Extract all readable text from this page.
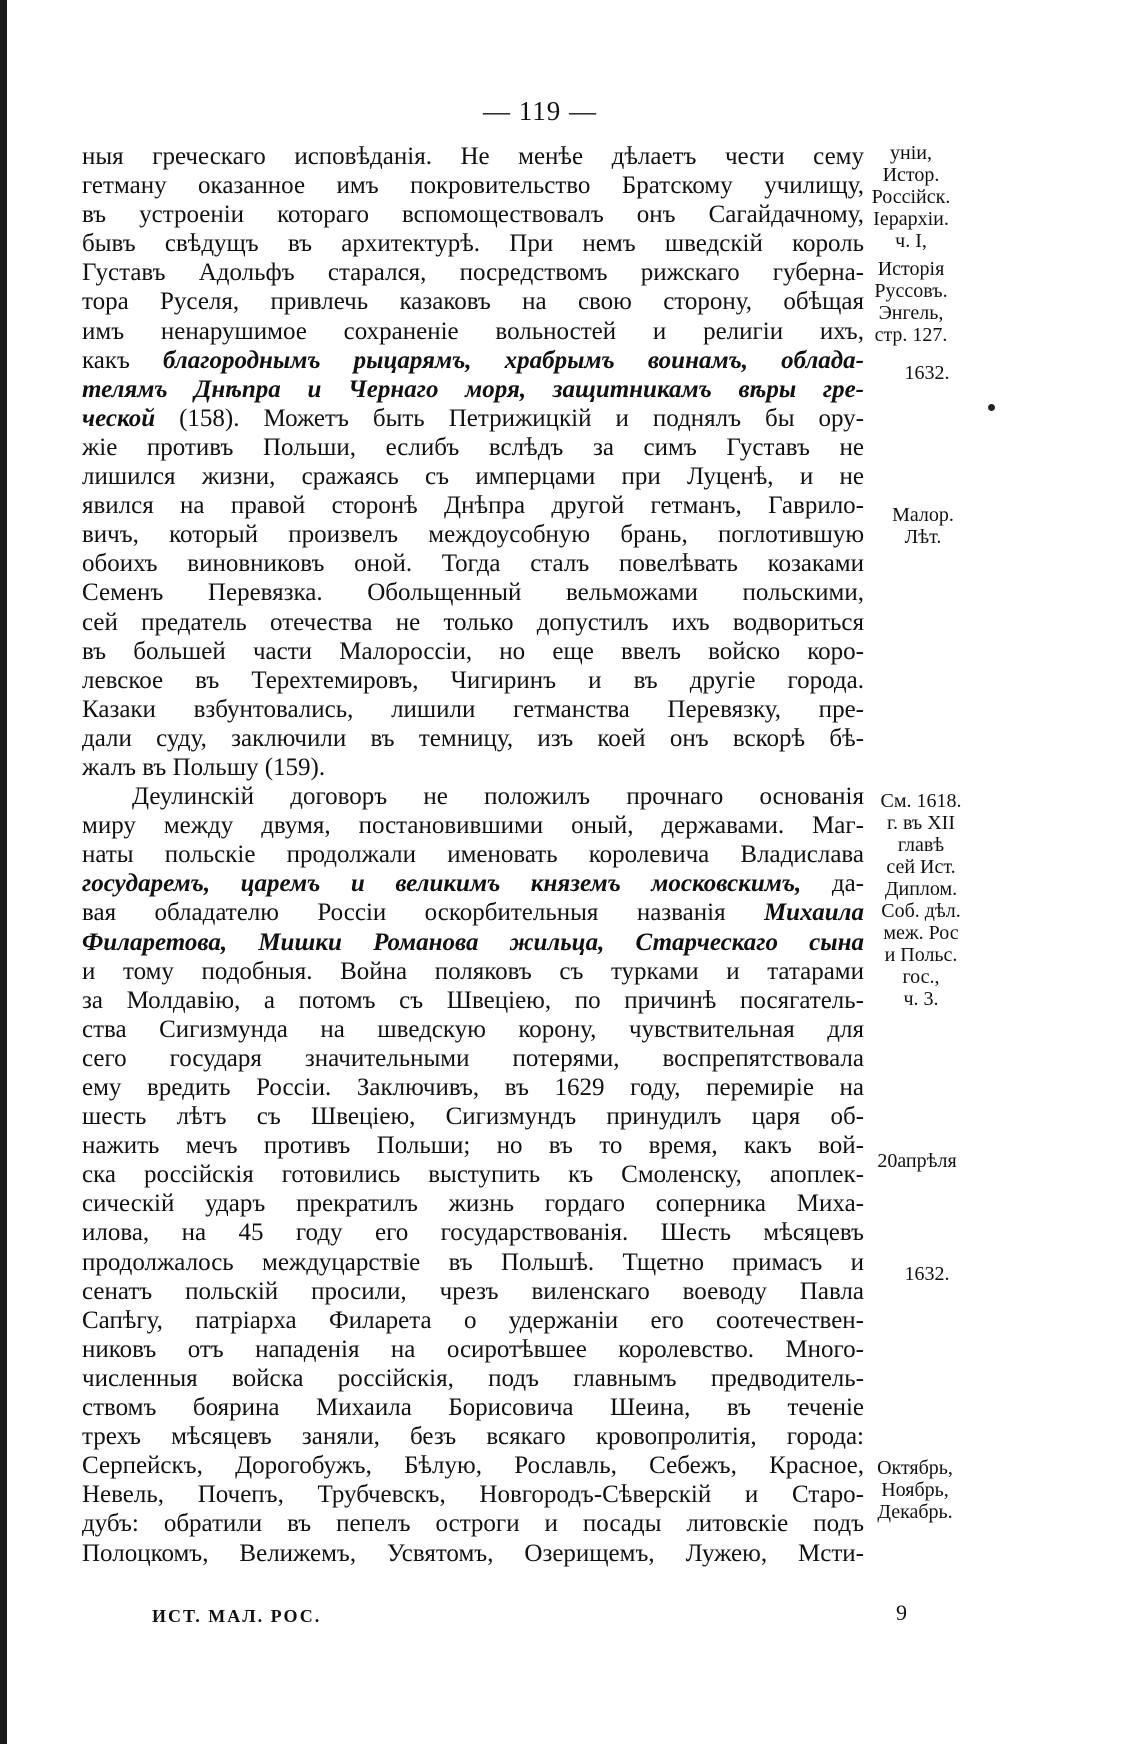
— 119 —
ныя греческаго исповѣданія. Не менѣе дѣлаетъ чести сему
гетману оказанное имъ покровительство Братскому училищу,
въ устроеніи котораго вспомоществовалъ онъ Сагайдачному,
бывъ свѣдущъ въ архитектурѣ. При немъ шведскій король
Густавъ Адольфъ старался, посредствомъ рижскаго губерна-
тора Руселя, привлечь казаковъ на свою сторону, обѣщая
имъ ненарушимое сохраненіе вольностей и религіи ихъ,
какъ благороднымъ рыцарямъ, храбрымъ воинамъ, облада-
телямъ Днѣпра и Чернаго моря, защитникамъ вѣры гре-
ческой (158). Можетъ быть Петрижицкій и поднялъ бы ору-
жіе противъ Польши, еслибъ вслѣдъ за симъ Густавъ не
лишился жизни, сражаясь съ имперцами при Луценѣ, и не
явился на правой сторонѣ Днѣпра другой гетманъ, Гаврило-
вичъ, который произвелъ междоусобную брань, поглотившую
обоихъ виновниковъ оной. Тогда сталъ повелѣвать козаками
Семенъ Перевязка. Обольщенный вельможами польскими,
сей предатель отечества не только допустилъ ихъ водвориться
въ большей части Малороссіи, но еще ввелъ войско коро-
левское въ Терехтемировъ, Чигиринъ и въ другіе города.
Казаки взбунтовались, лишили гетманства Перевязку, пре-
дали суду, заключили въ темницу, изъ коей онъ вскорѣ бѣ-
жалъ въ Польшу (159).
Деулинскій договоръ не положилъ прочнаго основанія
миру между двумя, постановившими оный, державами. Маг-
наты польскіе продолжали именовать королевича Владислава
государемъ, царемъ и великимъ княземъ московскимъ, да-
вая обладателю Россіи оскорбительныя названія Михаила
Филаретова, Мишки Романова жильца, Старческаго сына
и тому подобныя. Война поляковъ съ турками и татарами
за Молдавію, а потомъ съ Швеціею, по причинѣ посягатель-
ства Сигизмунда на шведскую корону, чувствительная для
сего государя значительными потерями, воспрепятствовала
ему вредить Россіи. Заключивъ, въ 1629 году, перемиріе на
шесть лѣтъ съ Швеціею, Сигизмундъ принудилъ царя об-
нажить мечъ противъ Польши; но въ то время, какъ вой-
ска россійскія готовились выступить къ Смоленску, апоплек-
сическій ударъ прекратилъ жизнь гордаго соперника Миха-
илова, на 45 году его государствованія. Шесть мѣсяцевъ
продолжалось междуцарствіе въ Польшѣ. Тщетно примасъ и
сенатъ польскій просили, чрезъ виленскаго воеводу Павла
Сапѣгу, патріарха Филарета о удержаніи его соотечествен-
никовъ отъ нападенія на осиротѣвшее королевство. Много-
численныя войска россійскія, подъ главнымъ предводитель-
ствомъ боярина Михаила Борисовича Шеина, въ теченіе
трехъ мѣсяцевъ заняли, безъ всякаго кровопролитія, города:
Серпейскъ, Дорогобужъ, Бѣлую, Рославль, Себежъ, Красное,
Невель, Почепъ, Трубчевскъ, Новгородъ-Сѣверскій и Старо-
дубъ: обратили въ пепелъ остроги и посады литовскіе подъ
Полоцкомъ, Велижемъ, Усвятомъ, Озерищемъ, Лужею, Мсти-
уніи,
Истор.
Россійск.
Іерархіи.
ч. I,
Исторія
Руссовъ.
Энгель,
стр. 127.
1632.
Малор.
Лѣт.
См. 1618.
г. въ XII
главѣ
сей Ист.
Диплом.
Соб. дѣл.
меж. Рос
и Польс.
гос.,
ч. 3.
20апрѣля
1632.
Октябрь,
Ноябрь,
Декабрь.
ИСТ. МАЛ. РОС.	9
